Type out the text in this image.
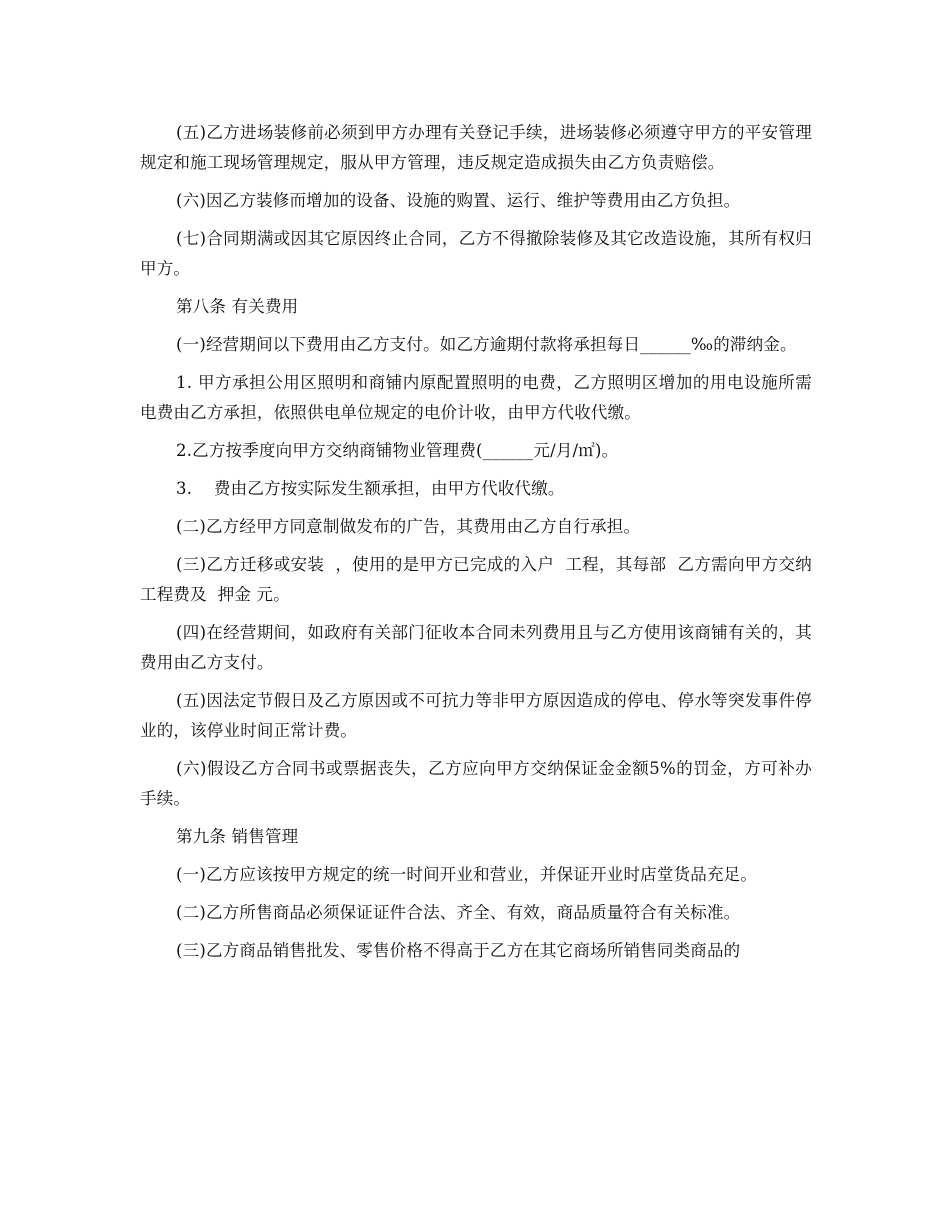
(五)乙方进场装修前必须到甲方办理有关登记手续，进场装修必须遵守甲方的平安管理规定和施工现场管理规定，服从甲方管理，违反规定造成损失由乙方负责赔偿。

(六)因乙方装修而增加的设备、设施的购置、运行、维护等费用由乙方负担。

(七)合同期满或因其它原因终止合同，乙方不得撤除装修及其它改造设施，其所有权归甲方。

第八条 有关费用

(一)经营期间以下费用由乙方支付。如乙方逾期付款将承担每日______‰的滞纳金。

1. 甲方承担公用区照明和商铺内原配置照明的电费，乙方照明区增加的用电设施所需电费由乙方承担，依照供电单位规定的电价计收，由甲方代收代缴。

2.乙方按季度向甲方交纳商铺物业管理费(______元/月/㎡)。

3.    费由乙方按实际发生额承担，由甲方代收代缴。

(二)乙方经甲方同意制做发布的广告，其费用由乙方自行承担。

(三)乙方迁移或安装  ，使用的是甲方已完成的入户  工程，其每部  乙方需向甲方交纳工程费及  押金 元。

(四)在经营期间，如政府有关部门征收本合同未列费用且与乙方使用该商铺有关的，其费用由乙方支付。

(五)因法定节假日及乙方原因或不可抗力等非甲方原因造成的停电、停水等突发事件停业的，该停业时间正常计费。

(六)假设乙方合同书或票据丧失，乙方应向甲方交纳保证金金额5%的罚金，方可补办手续。

第九条 销售管理

(一)乙方应该按甲方规定的统一时间开业和营业，并保证开业时店堂货品充足。

(二)乙方所售商品必须保证证件合法、齐全、有效，商品质量符合有关标准。

(三)乙方商品销售批发、零售价格不得高于乙方在其它商场所销售同类商品的
